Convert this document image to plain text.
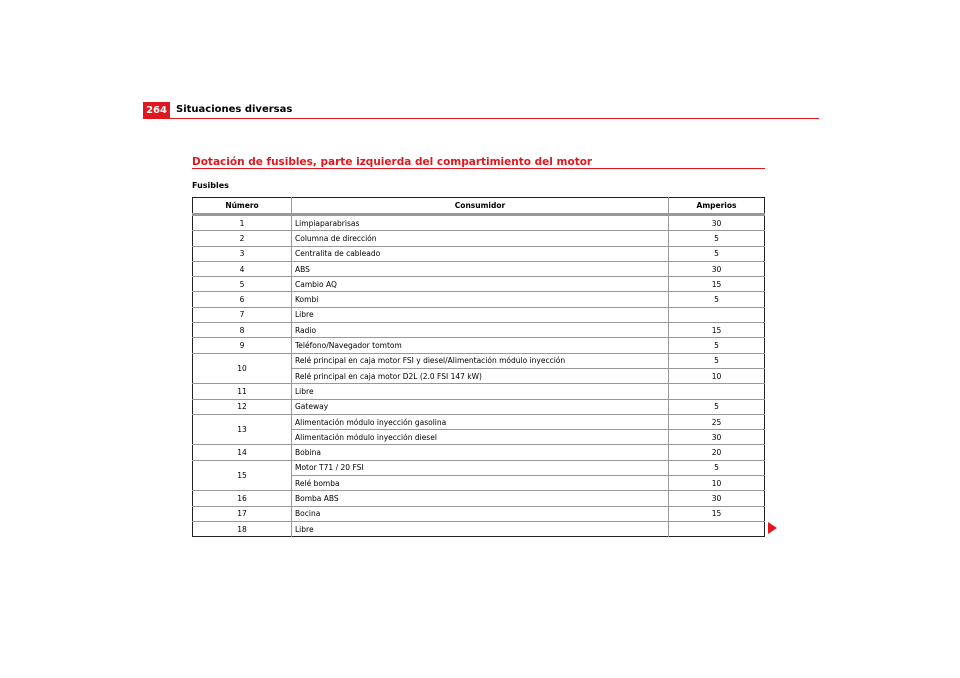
264 Situaciones diversas
Dotación de fusibles, parte izquierda del compartimiento del motor
Fusibles
Número	Consumidor	Amperios
1	Limpiaparabrisas	30
2	Columna de dirección	5
3	Centralita de cableado	5
4	ABS	30
5	Cambio AQ	15
6	Kombi	5
7	Libre	
8	Radio	15
9	Teléfono/Navegador tomtom	5
10	Relé principal en caja motor FSI y diesel/Alimentación módulo inyección	5
	Relé principal en caja motor D2L (2.0 FSI 147 kW)	10
11	Libre	
12	Gateway	5
13	Alimentación módulo inyección gasolina	25
	Alimentación módulo inyección diesel	30
14	Bobina	20
15	Motor T71 / 20 FSI	5
	Relé bomba	10
16	Bomba ABS	30
17	Bocina	15
18	Libre	
